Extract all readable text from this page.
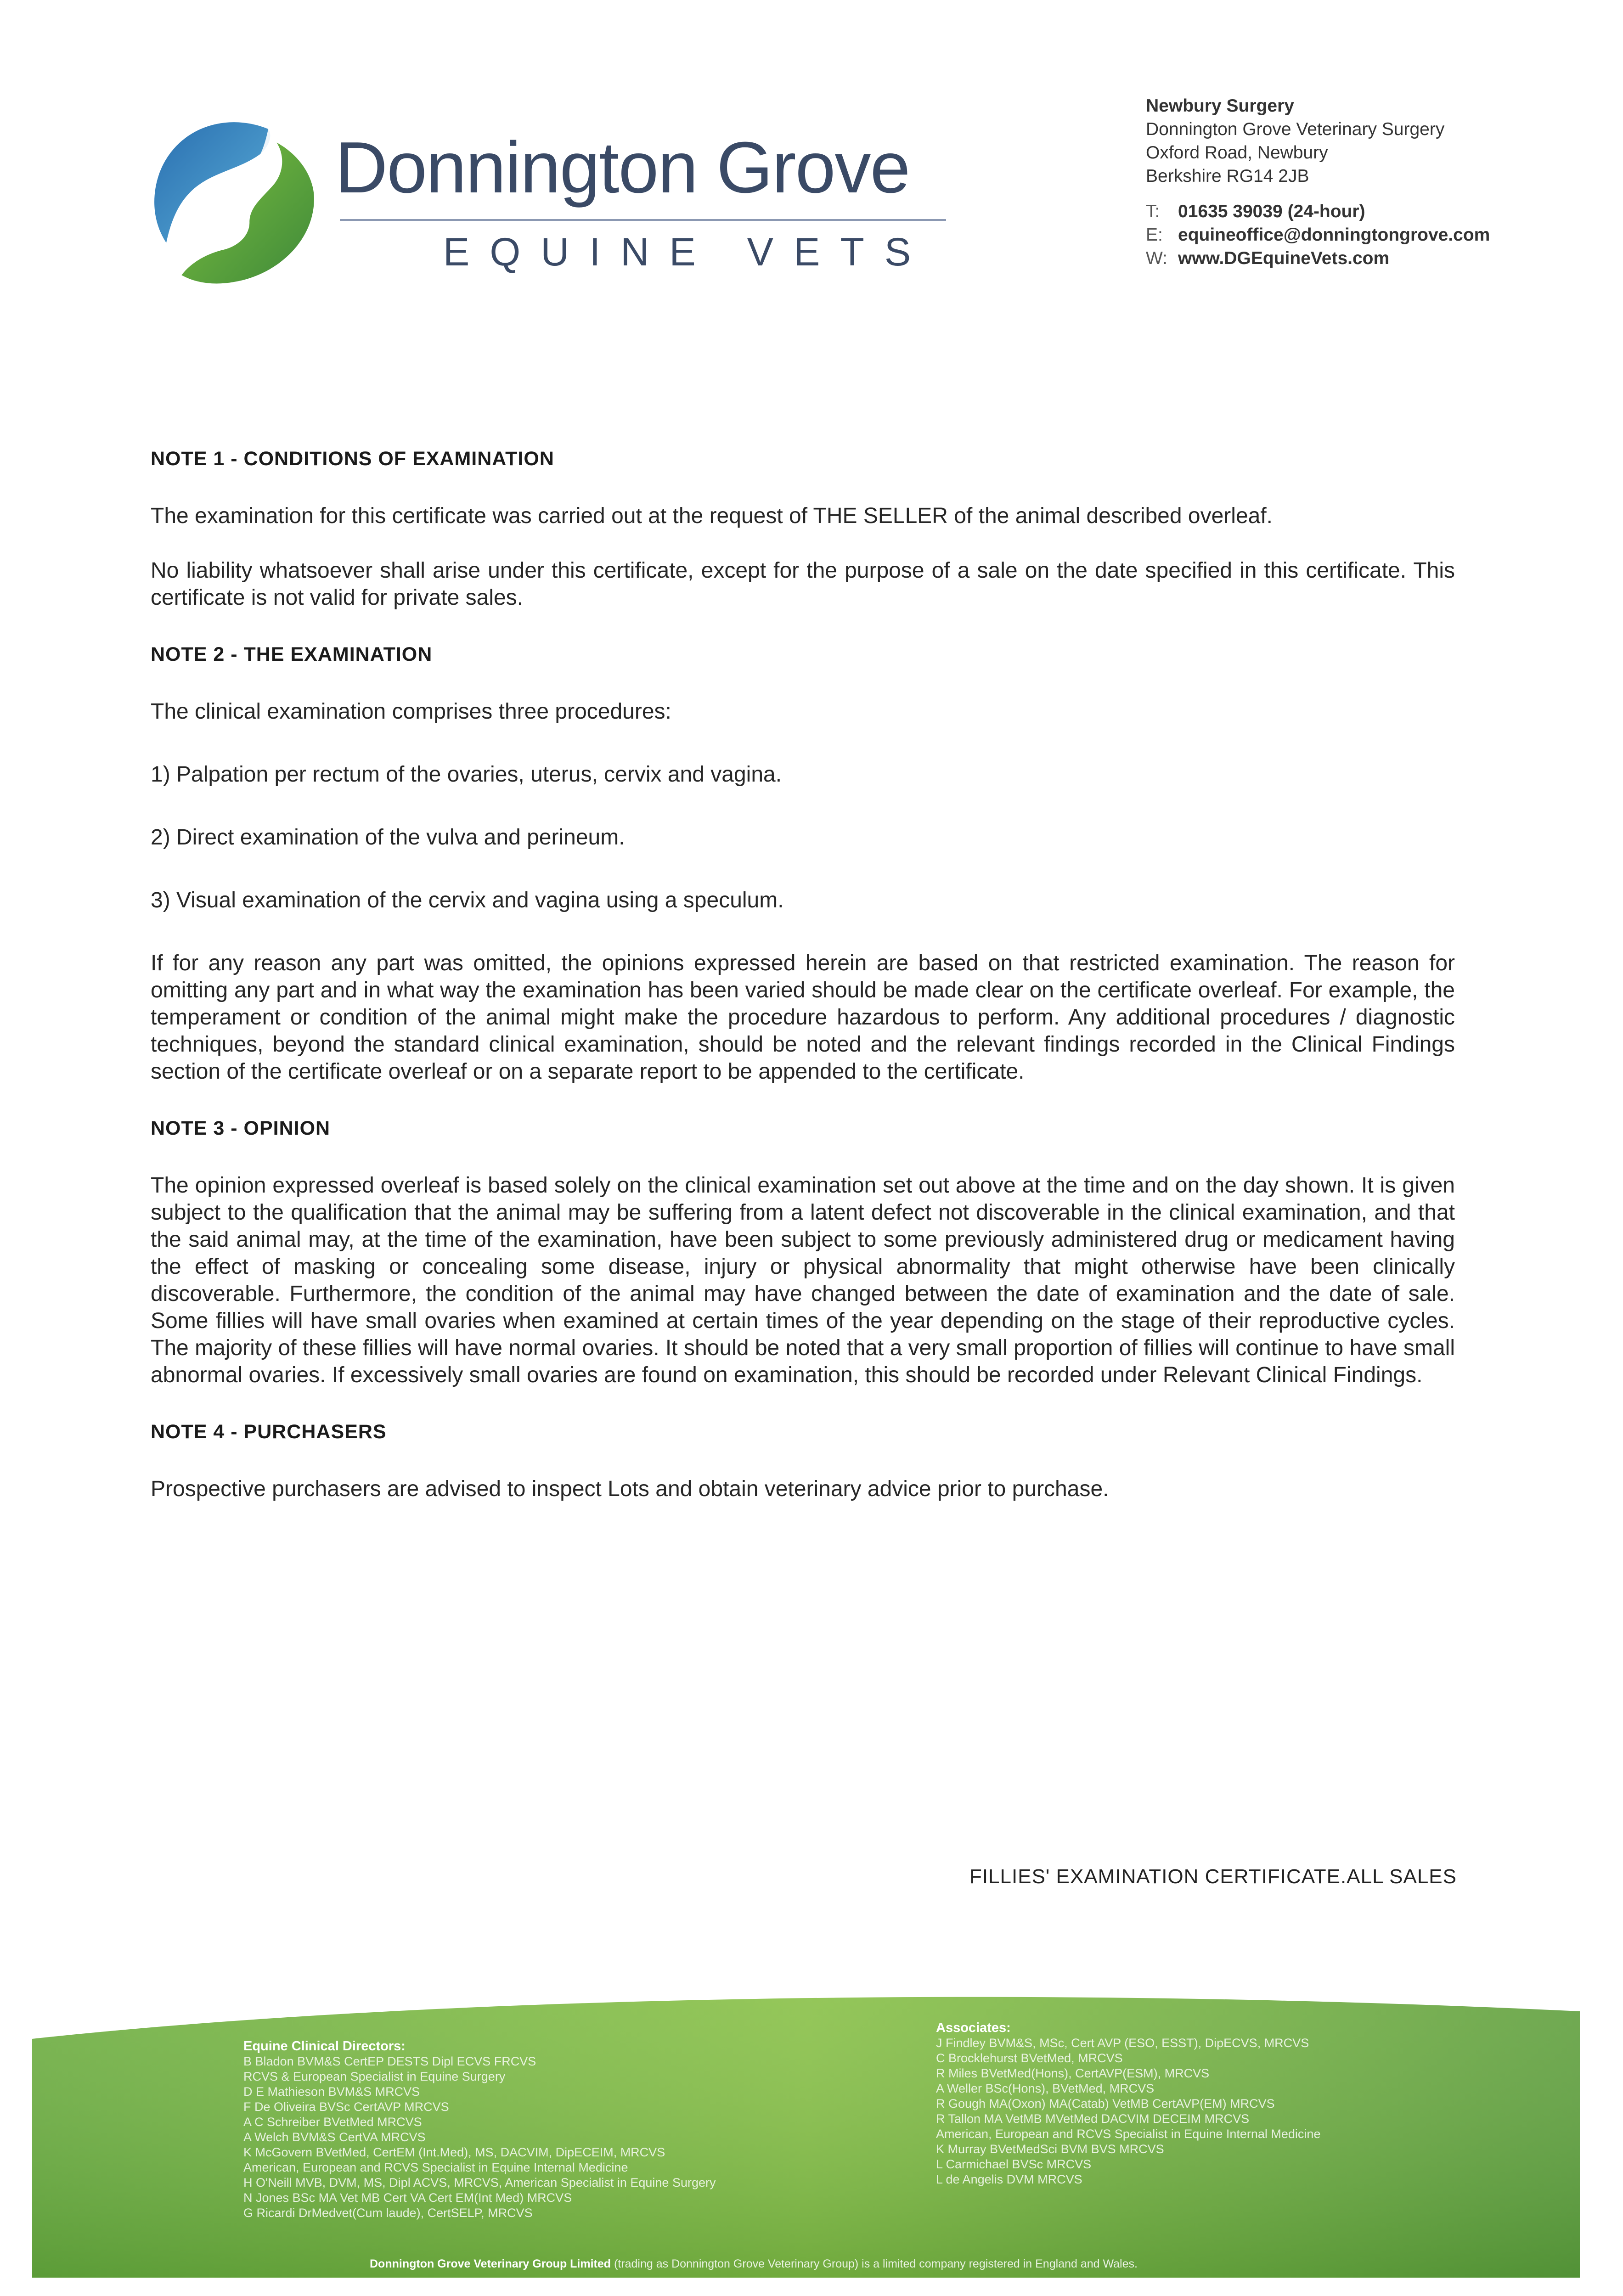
Donnington Grove

EQUINE VETS

Newbury Surgery
Donnington Grove Veterinary Surgery
Oxford Road, Newbury
Berkshire RG14 2JB
T: 01635 39039 (24-hour)
E: equineoffice@donningtongrove.com
W: www.DGEquineVets.com
NOTE 1 - CONDITIONS OF EXAMINATION

The examination for this certificate was carried out at the request of THE SELLER of the animal described overleaf.

No liability whatsoever shall arise under this certificate, except for the purpose of a sale on the date specified in this certificate. This certificate is not valid for private sales.

NOTE 2 - THE EXAMINATION

The clinical examination comprises three procedures:

1) Palpation per rectum of the ovaries, uterus, cervix and vagina.

2) Direct examination of the vulva and perineum.

3) Visual examination of the cervix and vagina using a speculum.

If for any reason any part was omitted, the opinions expressed herein are based on that restricted examination. The reason for omitting any part and in what way the examination has been varied should be made clear on the certificate overleaf. For example, the temperament or condition of the animal might make the procedure hazardous to perform. Any additional procedures / diagnostic techniques, beyond the standard clinical examination, should be noted and the relevant findings recorded in the Clinical Findings section of the certificate overleaf or on a separate report to be appended to the certificate.

NOTE 3 - OPINION

The opinion expressed overleaf is based solely on the clinical examination set out above at the time and on the day shown. It is given subject to the qualification that the animal may be suffering from a latent defect not discoverable in the clinical examination, and that the said animal may, at the time of the examination, have been subject to some previously administered drug or medicament having the effect of masking or concealing some disease, injury or physical abnormality that might otherwise have been clinically discoverable. Furthermore, the condition of the animal may have changed between the date of examination and the date of sale. Some fillies will have small ovaries when examined at certain times of the year depending on the stage of their reproductive cycles. The majority of these fillies will have normal ovaries. It should be noted that a very small proportion of fillies will continue to have small abnormal ovaries. If excessively small ovaries are found on examination, this should be recorded under Relevant Clinical Findings.

NOTE 4 - PURCHASERS

Prospective purchasers are advised to inspect Lots and obtain veterinary advice prior to purchase.

FILLIES' EXAMINATION CERTIFICATE.ALL SALES

Equine Clinical Directors:
B Bladon BVM&S CertEP DESTS Dipl ECVS FRCVS
RCVS & European Specialist in Equine Surgery
D E Mathieson BVM&S MRCVS
F De Oliveira BVSc CertAVP MRCVS
A C Schreiber BVetMed MRCVS
A Welch BVM&S CertVA MRCVS
K McGovern BVetMed, CertEM (Int.Med), MS, DACVIM, DipECEIM, MRCVS
American, European and RCVS Specialist in Equine Internal Medicine
H O'Neill MVB, DVM, MS, Dipl ACVS, MRCVS, American Specialist in Equine Surgery
N Jones BSc MA Vet MB Cert VA Cert EM(Int Med) MRCVS
G Ricardi DrMedvet(Cum laude), CertSELP, MRCVS
Associates:
J Findley BVM&S, MSc, Cert AVP (ESO, ESST), DipECVS, MRCVS
C Brocklehurst BVetMed, MRCVS
R Miles BVetMed(Hons), CertAVP(ESM), MRCVS
A Weller BSc(Hons), BVetMed, MRCVS
R Gough MA(Oxon) MA(Catab) VetMB CertAVP(EM) MRCVS
R Tallon MA VetMB MVetMed DACVIM DECEIM MRCVS
American, European and RCVS Specialist in Equine Internal Medicine
K Murray BVetMedSci BVM BVS MRCVS
L Carmichael BVSc MRCVS
L de Angelis DVM MRCVS
Donnington Grove Veterinary Group Limited (trading as Donnington Grove Veterinary Group) is a limited company registered in England and Wales.
